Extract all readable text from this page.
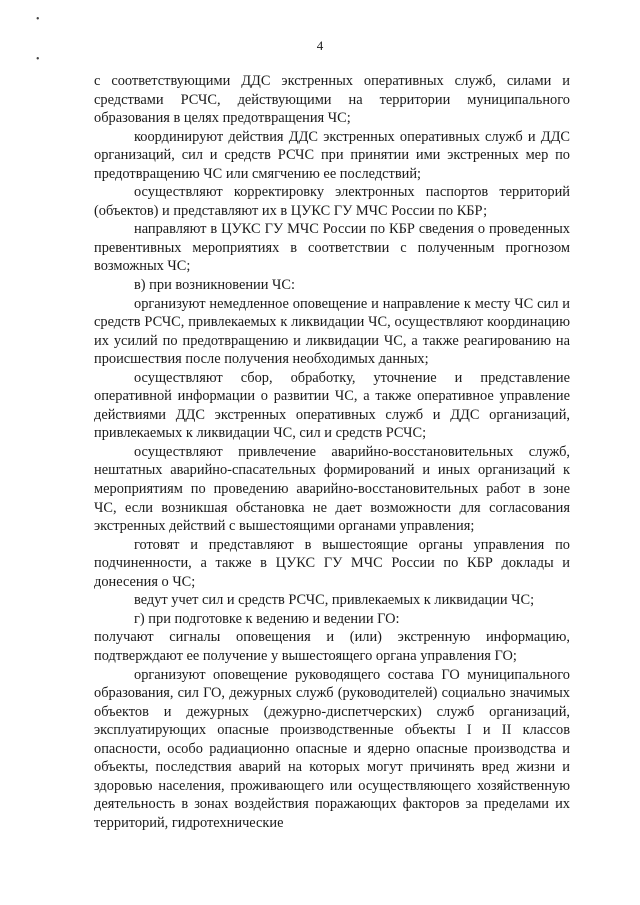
4
•
•

с соответствующими ДДС экстренных оперативных служб, силами и средствами РСЧС, действующими на территории муниципального образования в целях предотвращения ЧС;

координируют действия ДДС экстренных оперативных служб и ДДС организаций, сил и средств РСЧС при принятии ими экстренных мер по предотвращению ЧС или смягчению ее последствий;

осуществляют корректировку электронных паспортов территорий (объектов) и представляют их в ЦУКС ГУ МЧС России по КБР;

направляют в ЦУКС ГУ МЧС России по КБР сведения о проведенных превентивных мероприятиях в соответствии с полученным прогнозом возможных ЧС;

в) при возникновении ЧС:

организуют немедленное оповещение и направление к месту ЧС сил и средств РСЧС, привлекаемых к ликвидации ЧС, осуществляют координацию их усилий по предотвращению и ликвидации ЧС, а также реагированию на происшествия после получения необходимых данных;

осуществляют сбор, обработку, уточнение и представление оперативной информации о развитии ЧС, а также оперативное управление действиями ДДС экстренных оперативных служб и ДДС организаций, привлекаемых к ликвидации ЧС, сил и средств РСЧС;

осуществляют привлечение аварийно-восстановительных служб, нештатных аварийно-спасательных формирований и иных организаций к мероприятиям по проведению аварийно-восстановительных работ в зоне ЧС, если возникшая обстановка не дает возможности для согласования экстренных действий с вышестоящими органами управления;

готовят и представляют в вышестоящие органы управления по подчиненности, а также в ЦУКС ГУ МЧС России по КБР доклады и донесения о ЧС;

ведут учет сил и средств РСЧС, привлекаемых к ликвидации ЧС;

г) при подготовке к ведению и ведении ГО:

получают сигналы оповещения и (или) экстренную информацию, подтверждают ее получение у вышестоящего органа управления ГО;

организуют оповещение руководящего состава ГО муниципального образования, сил ГО, дежурных служб (руководителей) социально значимых объектов и дежурных (дежурно-диспетчерских) служб организаций, эксплуатирующих опасные производственные объекты I и II классов опасности, особо радиационно опасные и ядерно опасные производства и объекты, последствия аварий на которых могут причинять вред жизни и здоровью населения, проживающего или осуществляющего хозяйственную деятельность в зонах воздействия поражающих факторов за пределами их территорий, гидротехнические
